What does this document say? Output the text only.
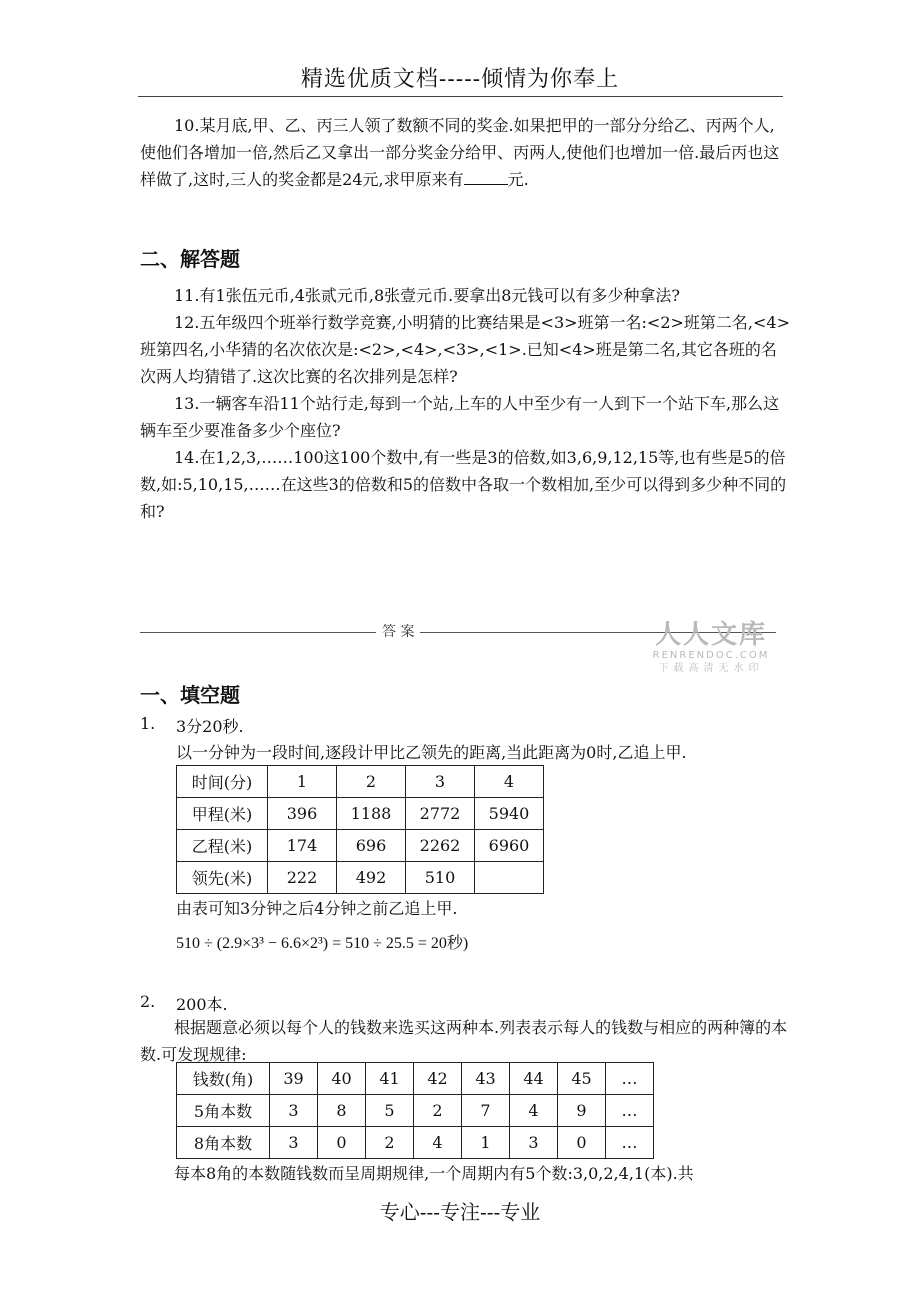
精选优质文档-----倾情为你奉上
10.某月底,甲、乙、丙三人领了数额不同的奖金.如果把甲的一部分分给乙、丙两个人,使他们各增加一倍,然后乙又拿出一部分奖金分给甲、丙两人,使他们也增加一倍.最后丙也这样做了,这时,三人的奖金都是24元,求甲原来有	元.
二、解答题
11.有1张伍元币,4张贰元币,8张壹元币.要拿出8元钱可以有多少种拿法?
12.五年级四个班举行数学竞赛,小明猜的比赛结果是<3>班第一名:<2>班第二名,<4>班第四名,小华猜的名次依次是:<2>,<4>,<3>,<1>.已知<4>班是第二名,其它各班的名次两人均猜错了.这次比赛的名次排列是怎样?
13.一辆客车沿11个站行走,每到一个站,上车的人中至少有一人到下一个站下车,那么这辆车至少要准备多少个座位?
14.在1,2,3,……100这100个数中,有一些是3的倍数,如3,6,9,12,15等,也有些是5的倍数,如:5,10,15,……在这些3的倍数和5的倍数中各取一个数相加,至少可以得到多少种不同的和?
答 案	人人文库
RENRENDOC.COM
下载高清无水印
一、填空题
1. 3分20秒.
以一分钟为一段时间,逐段计甲比乙领先的距离,当此距离为0时,乙追上甲.
时间(分)	1	2	3	4
甲程(米)	396	1188	2772	5940
乙程(米)	174	696	2262	6960
领先(米)	222	492	510	
由表可知3分钟之后4分钟之前乙追上甲.
510 ÷ (2.9×3³ − 6.6×2³) = 510 ÷ 25.5 = 20秒)
2. 200本.
根据题意必须以每个人的钱数来选买这两种本.列表表示每人的钱数与相应的两种簿的本数.可发现规律:
钱数(角)	39	40	41	42	43	44	45	…
5角本数	3	8	5	2	7	4	9	…
8角本数	3	0	2	4	1	3	0	…
每本8角的本数随钱数而呈周期规律,一个周期内有5个数:3,0,2,4,1(本).共
专心---专注---专业
